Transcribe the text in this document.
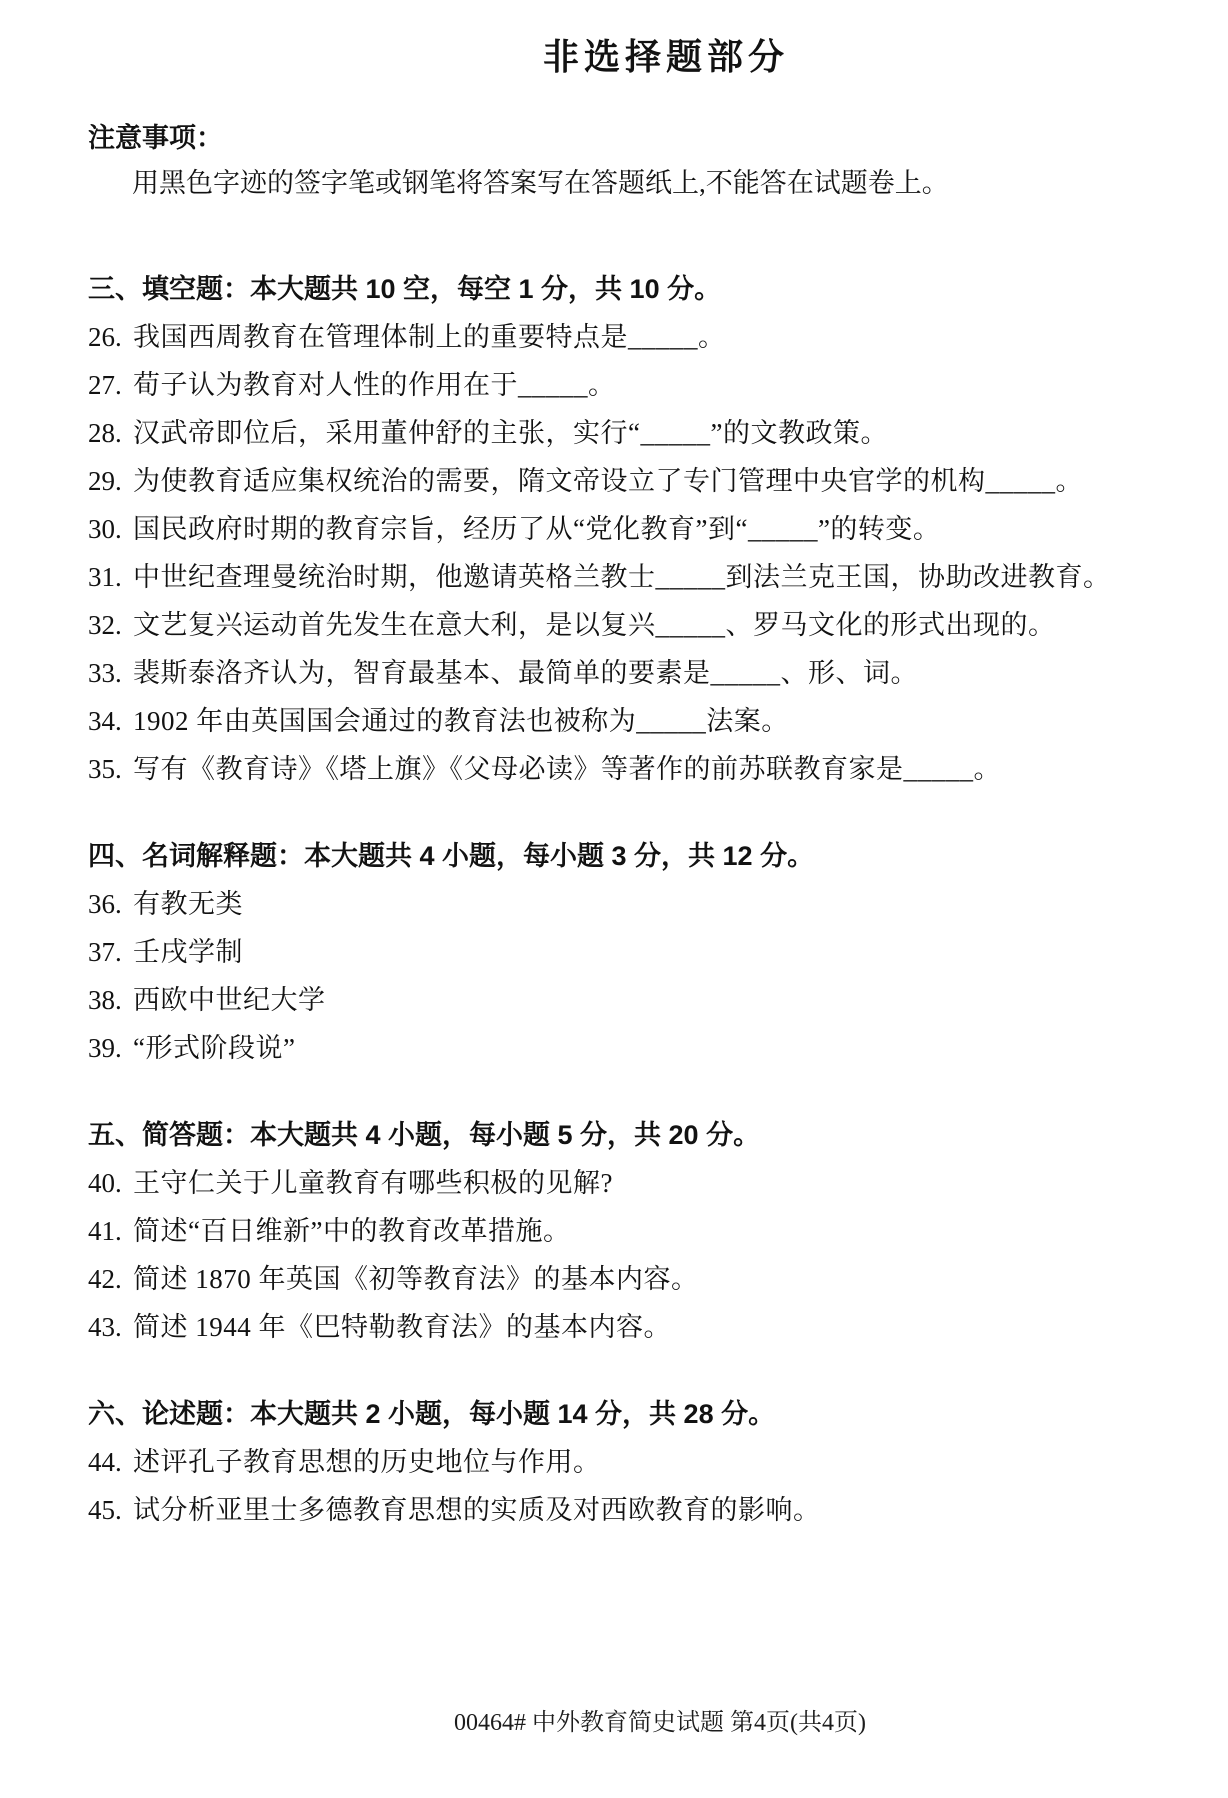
非选择题部分
注意事项：
用黑色字迹的签字笔或钢笔将答案写在答题纸上,不能答在试题卷上。
三、填空题：本大题共 10 空，每空 1 分，共 10 分。
26. 我国西周教育在管理体制上的重要特点是_____。
27. 荀子认为教育对人性的作用在于_____。
28. 汉武帝即位后，采用董仲舒的主张，实行“_____”的文教政策。
29. 为使教育适应集权统治的需要，隋文帝设立了专门管理中央官学的机构_____。
30. 国民政府时期的教育宗旨，经历了从“党化教育”到“_____”的转变。
31. 中世纪查理曼统治时期，他邀请英格兰教士_____到法兰克王国，协助改进教育。
32. 文艺复兴运动首先发生在意大利，是以复兴_____、罗马文化的形式出现的。
33. 裴斯泰洛齐认为，智育最基本、最简单的要素是_____、形、词。
34. 1902 年由英国国会通过的教育法也被称为_____法案。
35. 写有《教育诗》《塔上旗》《父母必读》等著作的前苏联教育家是_____。
四、名词解释题：本大题共 4 小题，每小题 3 分，共 12 分。
36. 有教无类
37. 壬戌学制
38. 西欧中世纪大学
39. “形式阶段说”
五、简答题：本大题共 4 小题，每小题 5 分，共 20 分。
40. 王守仁关于儿童教育有哪些积极的见解?
41. 简述“百日维新”中的教育改革措施。
42. 简述 1870 年英国《初等教育法》的基本内容。
43. 简述 1944 年《巴特勒教育法》的基本内容。
六、论述题：本大题共 2 小题，每小题 14 分，共 28 分。
44. 述评孔子教育思想的历史地位与作用。
45. 试分析亚里士多德教育思想的实质及对西欧教育的影响。
00464# 中外教育简史试题 第4页(共4页)
